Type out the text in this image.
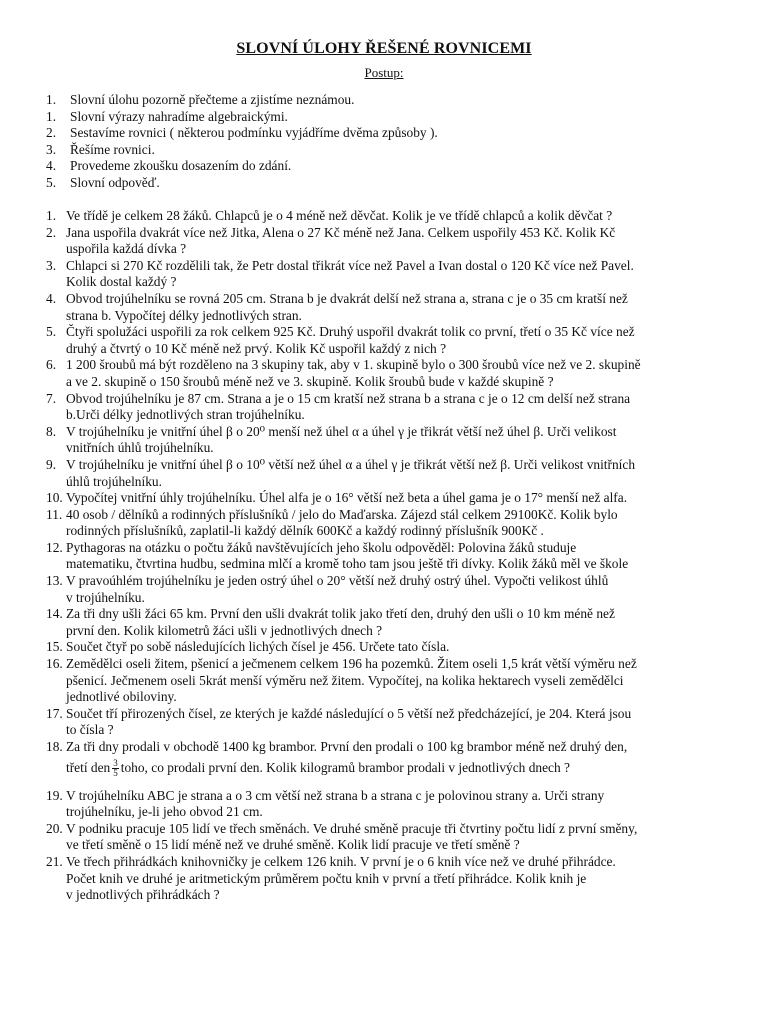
SLOVNÍ ÚLOHY ŘEŠENÉ ROVNICEMI
Postup:
1.	Slovní úlohu pozorně přečteme a zjistíme neznámou.
1.	Slovní výrazy nahradíme algebraickými.
2.	Sestavíme rovnici ( některou podmínku vyjádříme dvěma způsoby ).
3.	Řešíme rovnici.
4.	Provedeme zkoušku dosazením do zdání.
5.	Slovní odpověď.
1. Ve třídě je celkem 28 žáků. Chlapců je o 4 méně než děvčat. Kolik je ve třídě chlapců a kolik děvčat ?
2. Jana uspořila dvakrát více než Jitka, Alena o 27 Kč méně než Jana. Celkem uspořily 453 Kč. Kolik Kč
uspořila každá dívka ?
3. Chlapci si 270 Kč rozdělili tak, že Petr dostal třikrát více než Pavel a Ivan dostal o 120 Kč více než Pavel.
Kolik dostal každý ?
4. Obvod trojúhelníku se rovná 205 cm. Strana b je dvakrát delší než strana a, strana c je o 35 cm kratší než
strana b. Vypočítej délky jednotlivých stran.
5. Čtyři spolužáci uspořili za rok celkem 925 Kč. Druhý uspořil dvakrát tolik co první, třetí o 35 Kč více než
druhý a čtvrtý o 10 Kč méně než prvý. Kolik Kč uspořil každý z nich ?
6. 1 200 šroubů má být rozděleno na 3 skupiny tak, aby v 1. skupině bylo o 300 šroubů více než ve 2. skupině
a ve 2. skupině o 150 šroubů méně než ve 3. skupině. Kolik šroubů bude v každé skupině ?
7. Obvod trojúhelníku je 87 cm. Strana a je o 15 cm kratší než strana b a strana c je o 12 cm delší než strana
b.Urči délky jednotlivých stran trojúhelníku.
8. V trojúhelníku je vnitřní úhel β o 20⁰ menší než úhel α a úhel γ je třikrát větší než úhel β. Urči velikost
vnitřních úhlů trojúhelníku.
9. V trojúhelníku je vnitřní úhel β o 10⁰ větší než úhel α a úhel γ je třikrát větší než β. Urči velikost vnitřních
úhlů trojúhelníku.
10. Vypočítej vnitřní úhly trojúhelníku. Úhel alfa je o 16° větší než beta a úhel gama je o 17° menší než alfa.
11. 40 osob / dělníků a rodinných příslušníků / jelo do Maďarska. Zájezd stál celkem 29100Kč. Kolik bylo
rodinných příslušníků, zaplatil-li každý dělník 600Kč a každý rodinný příslušník 900Kč .
12. Pythagoras na otázku o počtu žáků navštěvujících jeho školu odpověděl: Polovina žáků studuje
matematiku, čtvrtina hudbu, sedmina mlčí a kromě toho tam jsou ještě tři dívky. Kolik žáků měl ve škole
13. V pravoúhlém trojúhelníku je jeden ostrý úhel o 20° větší než druhý ostrý úhel. Vypočti velikost úhlů
v trojúhelníku.
14. Za tři dny ušli žáci 65 km. První den ušli dvakrát tolik jako třetí den, druhý den ušli o 10 km méně než
první den. Kolik kilometrů žáci ušli v jednotlivých dnech ?
15. Součet čtyř po sobě následujících lichých čísel je 456. Určete tato čísla.
16. Zemědělci oseli žitem, pšenicí a ječmenem celkem 196 ha pozemků. Žitem oseli 1,5 krát větší výměru než
pšenicí. Ječmenem oseli 5krát menší výměru než žitem. Vypočítej, na kolika hektarech vyseli zemědělci
jednotlivé obiloviny.
17. Součet tří přirozených čísel, ze kterých je každé následující o 5 větší než předcházející, je 204. Která jsou
to čísla ?
18. Za tři dny prodali v obchodě 1400 kg brambor. První den prodali o 100 kg brambor méně než druhý den,
třetí den $\frac{3}{5}$ toho, co prodali první den. Kolik kilogramů brambor prodali v jednotlivých dnech ?
19. V trojúhelníku ABC je strana a o 3 cm větší než strana b a strana c je polovinou strany a. Urči strany
trojúhelníku, je-li jeho obvod 21 cm.
20. V podniku pracuje 105 lidí ve třech směnách. Ve druhé směně pracuje tři čtvrtiny počtu lidí z první směny,
ve třetí směně o 15 lidí méně než ve druhé směně. Kolik lidí pracuje ve třetí směně ?
21. Ve třech přihrádkách knihovničky je celkem 126 knih. V první je o 6 knih více než ve druhé přihrádce.
Počet knih ve druhé je aritmetickým průměrem počtu knih v první a třetí přihrádce. Kolik knih je
v jednotlivých přihrádkách ?
